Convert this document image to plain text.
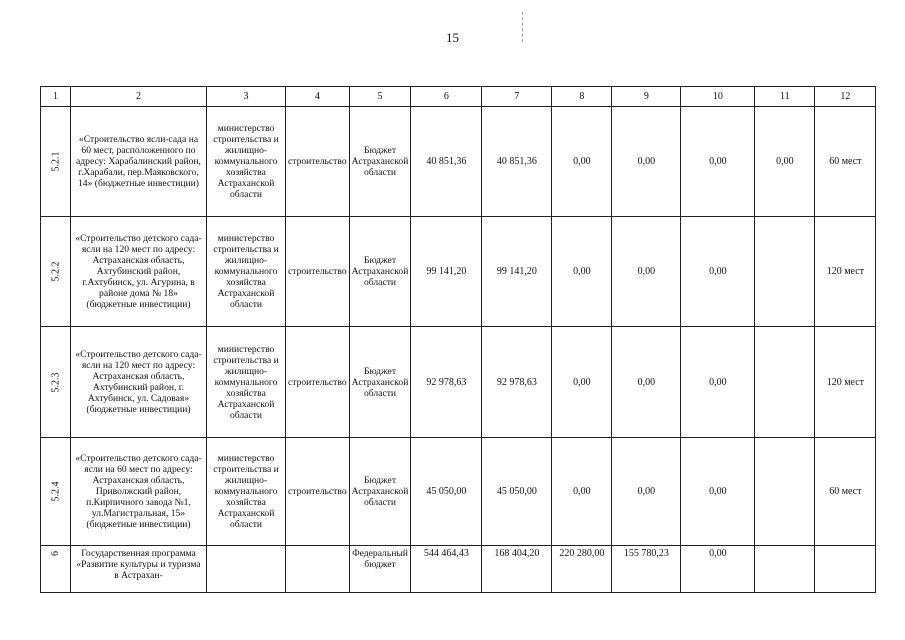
15
1	2	3	4	5	6	7	8	9	10	11	12
5.2.1	«Строительство ясли-сада на 60 мест, расположенного по адресу: Харабалинский район, г.Харабали, пер.Маяковского, 14» (бюджетные инвестиции)	министерство строительства и жилищно-коммунального хозяйства Астраханской области	строительство	Бюджет Астраханской области	40 851,36	40 851,36	0,00	0,00	0,00	0,00	60 мест
5.2.2	«Строительство детского сада-ясли на 120 мест по адресу: Астраханская область, Ахтубинский район, г.Ахтубинск, ул. Агурина, в районе дома № 18» (бюджетные инвестиции)	министерство строительства и жилищно-коммунального хозяйства Астраханской области	строительство	Бюджет Астраханской области	99 141,20	99 141,20	0,00	0,00	0,00		120 мест
5.2.3	«Строительство детского сада-ясли на 120 мест по адресу: Астраханская область, Ахтубинский район, г. Ахтубинск, ул. Садовая» (бюджетные инвестиции)	министерство строительства и жилищно-коммунального хозяйства Астраханской области	строительство	Бюджет Астраханской области	92 978,63	92 978,63	0,00	0,00	0,00		120 мест
5.2.4	«Строительство детского сада-ясли на 60 мест по адресу: Астраханская область, Приволжский район, п.Кирпичного завода №1, ул.Магистральная, 15» (бюджетные инвестиции)	министерство строительства и жилищно-коммунального хозяйства Астраханской области	строительство	Бюджет Астраханской области	45 050,00	45 050,00	0,00	0,00	0,00		60 мест
6	Государственная программа «Развитие культуры и туризма в Астрахан-			Федеральный бюджет	544 464,43	168 404,20	220 280,00	155 780,23	0,00		
